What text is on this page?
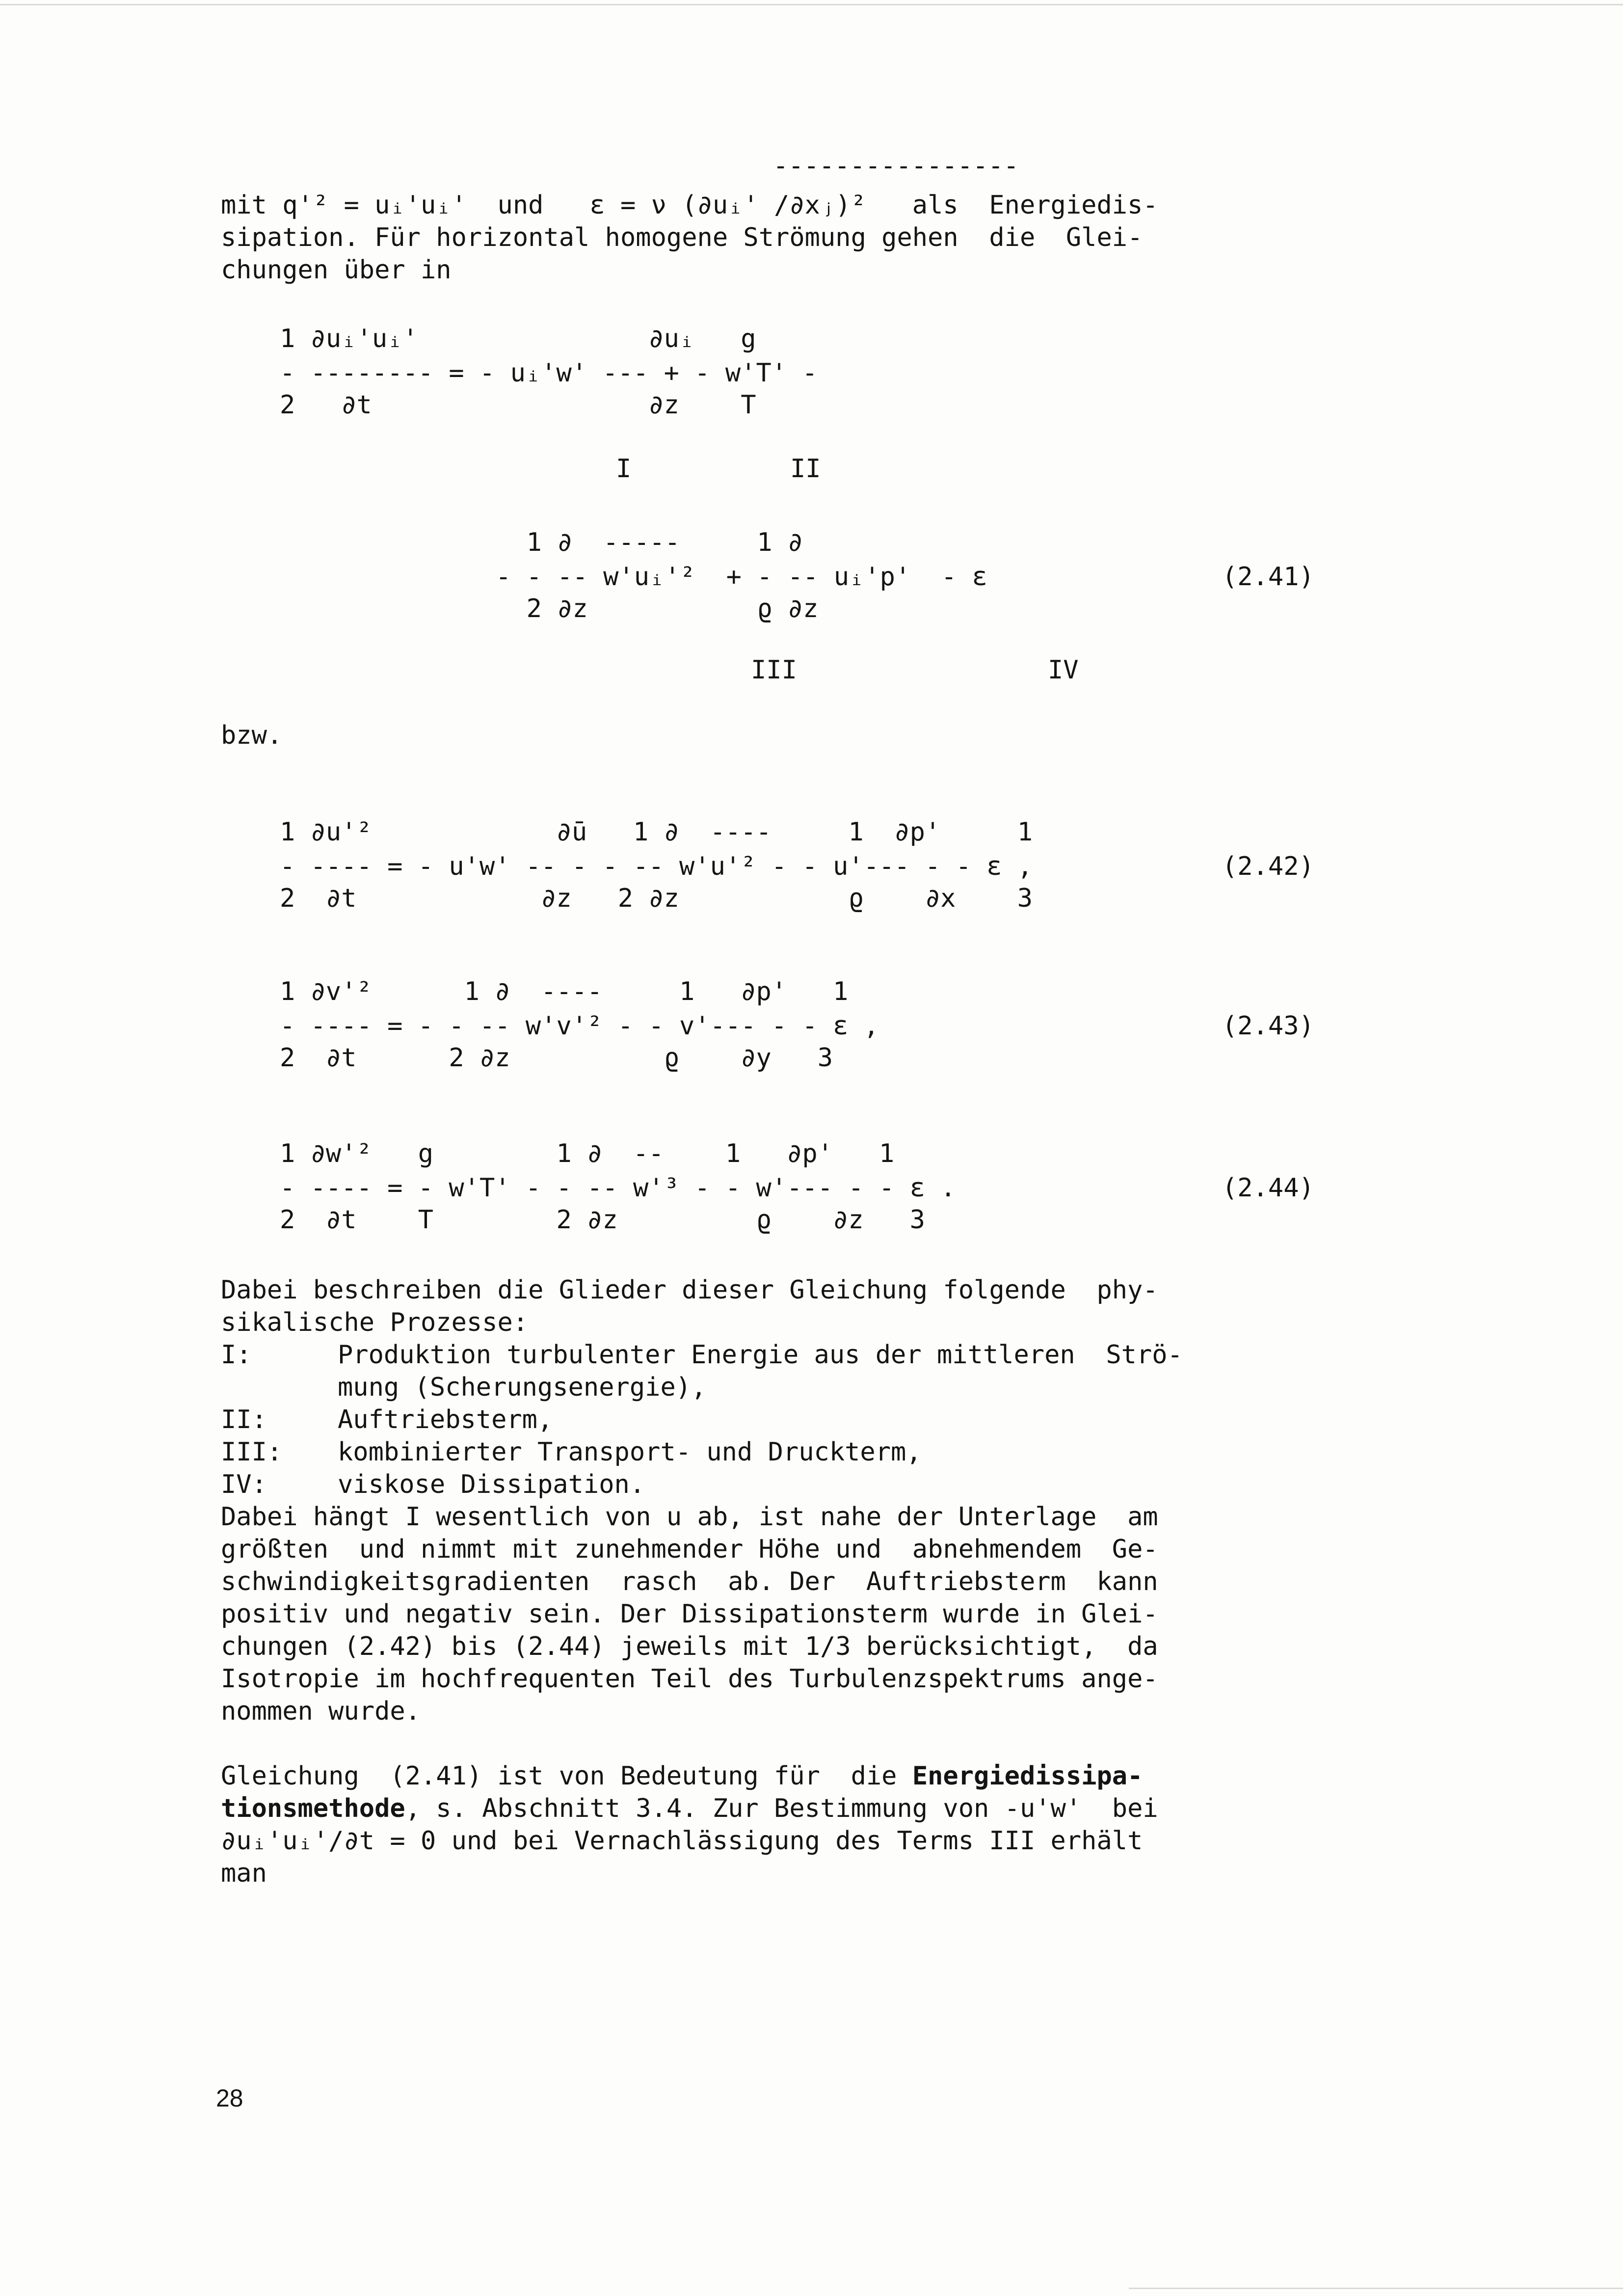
----------------
mit q'² = uᵢ'uᵢ'  und   ε = ν (∂uᵢ' /∂xⱼ)²   als  Energiedis-
sipation. Für horizontal homogene Strömung gehen  die  Glei-
chungen über in
1 ∂uᵢ'uᵢ'               ∂uᵢ   g
- -------- = - uᵢ'w' --- + - w'T' -
2   ∂t                  ∂z    T
I	II
1 ∂  -----     1 ∂
- - -- w'uᵢ'²  + - -- uᵢ'p'  - ε
2 ∂z           ϱ ∂z
(2.41)
III	IV
bzw.
1 ∂u'²            ∂ū   1 ∂  ----     1  ∂p'     1
- ---- = - u'w' -- - - -- w'u'² - - u'--- - - ε ,
2  ∂t            ∂z   2 ∂z           ϱ    ∂x    3
(2.42)
1 ∂v'²      1 ∂  ----     1   ∂p'   1
- ---- = - - -- w'v'² - - v'--- - - ε ,
2  ∂t      2 ∂z          ϱ    ∂y   3
(2.43)
1 ∂w'²   g        1 ∂  --    1   ∂p'   1
- ---- = - w'T' - - -- w'³ - - w'--- - - ε .
2  ∂t    T        2 ∂z         ϱ    ∂z   3
(2.44)
Dabei beschreiben die Glieder dieser Gleichung folgende  phy-
sikalische Prozesse:
I:	Produktion turbulenter Energie aus der mittleren  Strö-
mung (Scherungsenergie),
II:	Auftriebsterm,
III: kombinierter Transport- und Druckterm,
IV:	viskose Dissipation.
Dabei hängt I wesentlich von u ab, ist nahe der Unterlage  am
größten  und nimmt mit zunehmender Höhe und  abnehmendem  Ge-
schwindigkeitsgradienten  rasch  ab. Der  Auftriebsterm  kann
positiv und negativ sein. Der Dissipationsterm wurde in Glei-
chungen (2.42) bis (2.44) jeweils mit 1/3 berücksichtigt,  da
Isotropie im hochfrequenten Teil des Turbulenzspektrums ange-
nommen wurde.
Gleichung  (2.41) ist von Bedeutung für  die Energiedissipa-
tionsmethode, s. Abschnitt 3.4. Zur Bestimmung von -u'w'  bei
∂uᵢ'uᵢ'/∂t = 0 und bei Vernachlässigung des Terms III erhält
man
28
